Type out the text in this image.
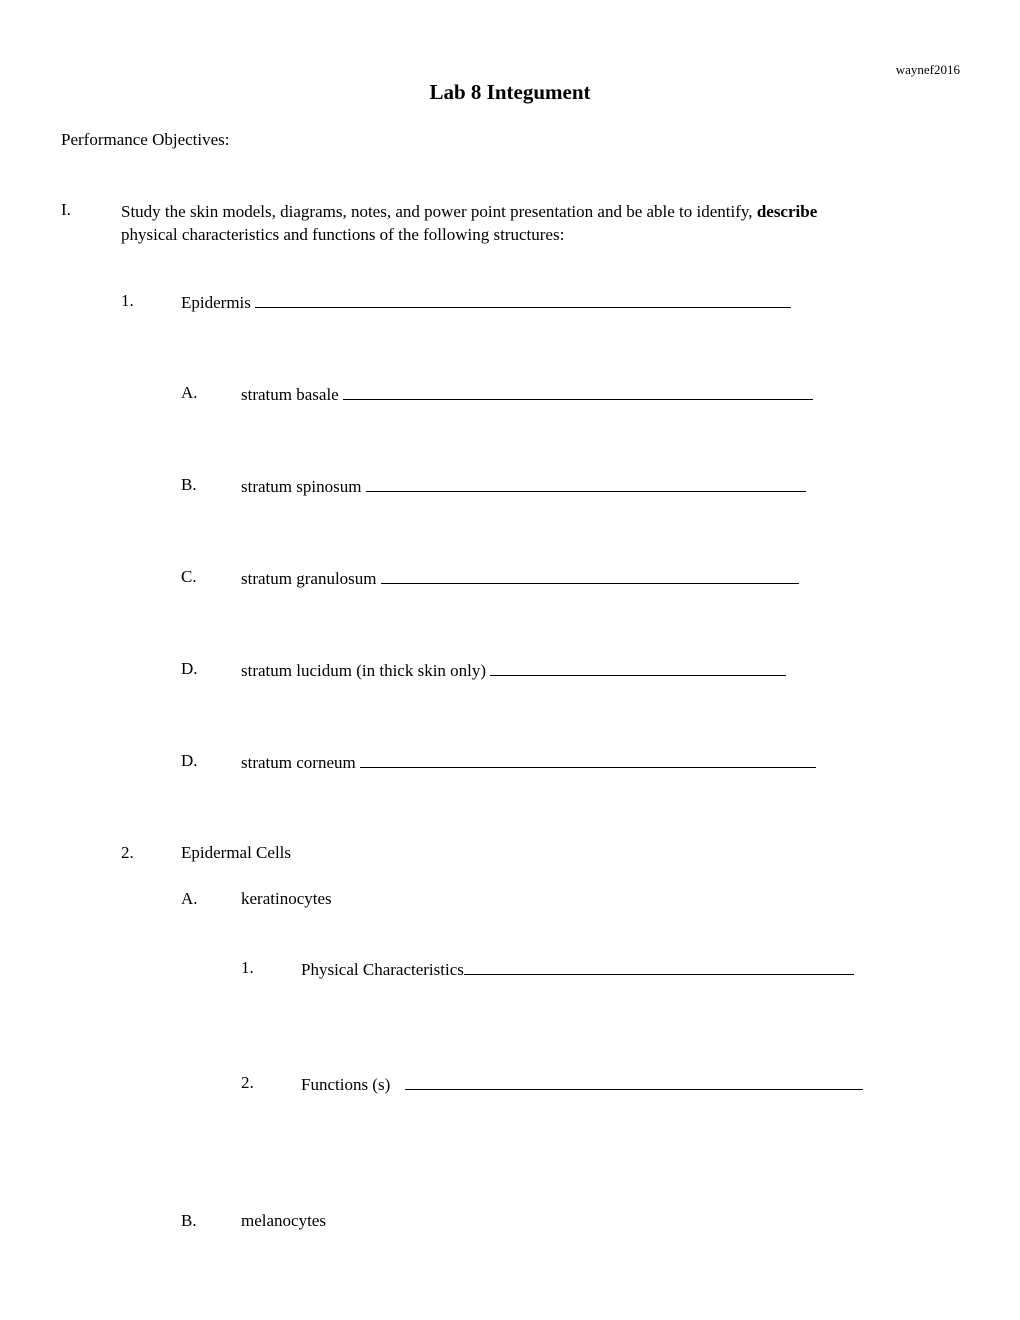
waynef2016
Lab 8 Integument
Performance Objectives:
I.	Study the skin models, diagrams, notes, and power point presentation and be able to identify, describe physical characteristics and functions of the following structures:
1.	Epidermis
A.	stratum basale
B.	stratum spinosum
C.	stratum granulosum
D.	stratum lucidum (in thick skin only)
D.	stratum corneum
2.	Epidermal Cells
A.	keratinocytes
1.	Physical Characteristics
2.	Functions (s)
B.	melanocytes
